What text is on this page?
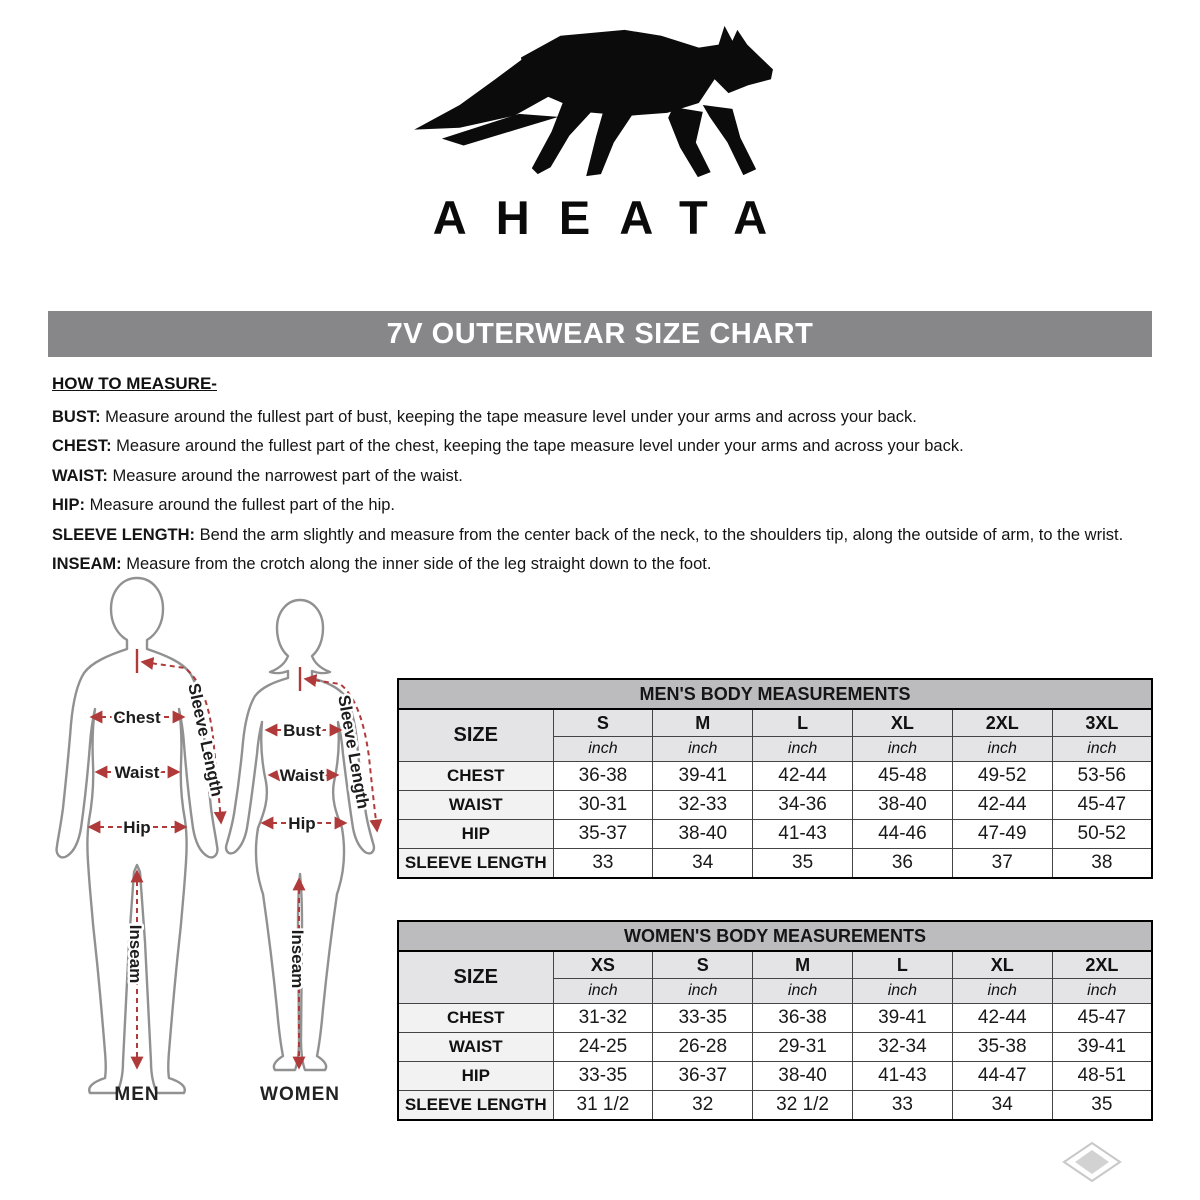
AHEATA
7V OUTERWEAR SIZE CHART
HOW TO MEASURE-
BUST: Measure around the fullest part of bust, keeping the tape measure level under your arms and across your back.
CHEST: Measure around the fullest part of the chest, keeping the tape measure level under your arms and across your back.
WAIST: Measure around the narrowest part of the waist.
HIP: Measure around the fullest part of the hip.
SLEEVE LENGTH: Bend the arm slightly and measure from the center back of the neck, to the shoulders tip, along the outside of arm, to the wrist.
INSEAM: Measure from the crotch along the inner side of the leg straight down to the foot.
Chest
Waist
Hip
Sleeve Length
Inseam
MEN
Bust
Waist
Hip
Sleeve Length
Inseam
WOMEN
MEN'S BODY MEASUREMENTS						
SIZE	S	M	L	XL	2XL	3XL
	inch	inch	inch	inch	inch	inch
CHEST	36-38	39-41	42-44	45-48	49-52	53-56
WAIST	30-31	32-33	34-36	38-40	42-44	45-47
HIP	35-37	38-40	41-43	44-46	47-49	50-52
SLEEVE LENGTH	33	34	35	36	37	38
WOMEN'S BODY MEASUREMENTS						
SIZE	XS	S	M	L	XL	2XL
	inch	inch	inch	inch	inch	inch
CHEST	31-32	33-35	36-38	39-41	42-44	45-47
WAIST	24-25	26-28	29-31	32-34	35-38	39-41
HIP	33-35	36-37	38-40	41-43	44-47	48-51
SLEEVE LENGTH	31 1/2	32	32 1/2	33	34	35
